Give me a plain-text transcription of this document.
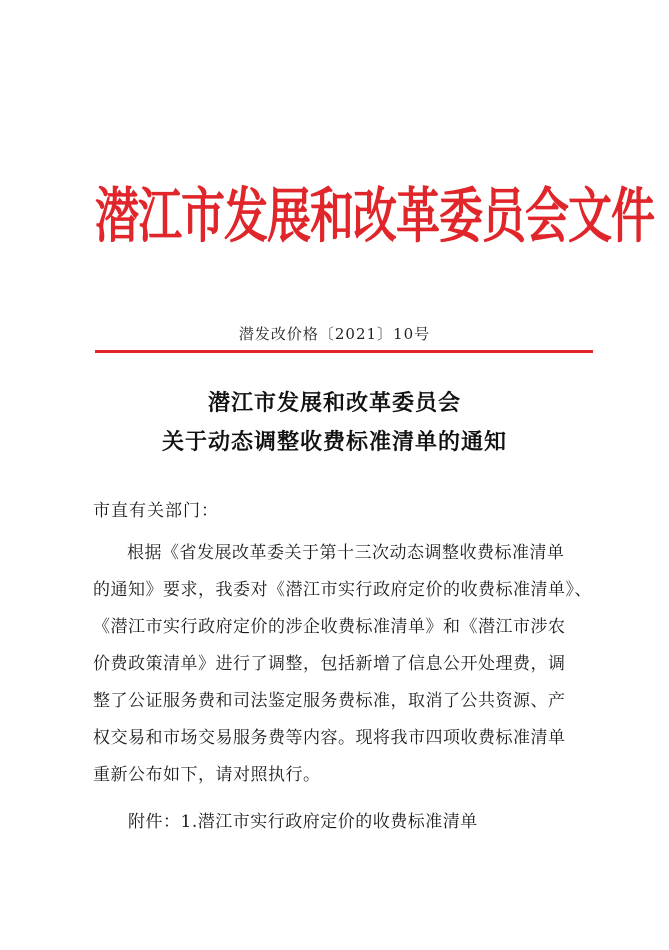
潜江市发展和改革委员会文件
潜发改价格〔2021〕10号
潜江市发展和改革委员会
关于动态调整收费标准清单的通知
市直有关部门：
根据《省发展改革委关于第十三次动态调整收费标准清单
的通知》要求，我委对《潜江市实行政府定价的收费标准清单》、
《潜江市实行政府定价的涉企收费标准清单》和《潜江市涉农
价费政策清单》进行了调整，包括新增了信息公开处理费，调
整了公证服务费和司法鉴定服务费标准，取消了公共资源、产
权交易和市场交易服务费等内容。现将我市四项收费标准清单
重新公布如下，请对照执行。
附件：1.潜江市实行政府定价的收费标准清单
